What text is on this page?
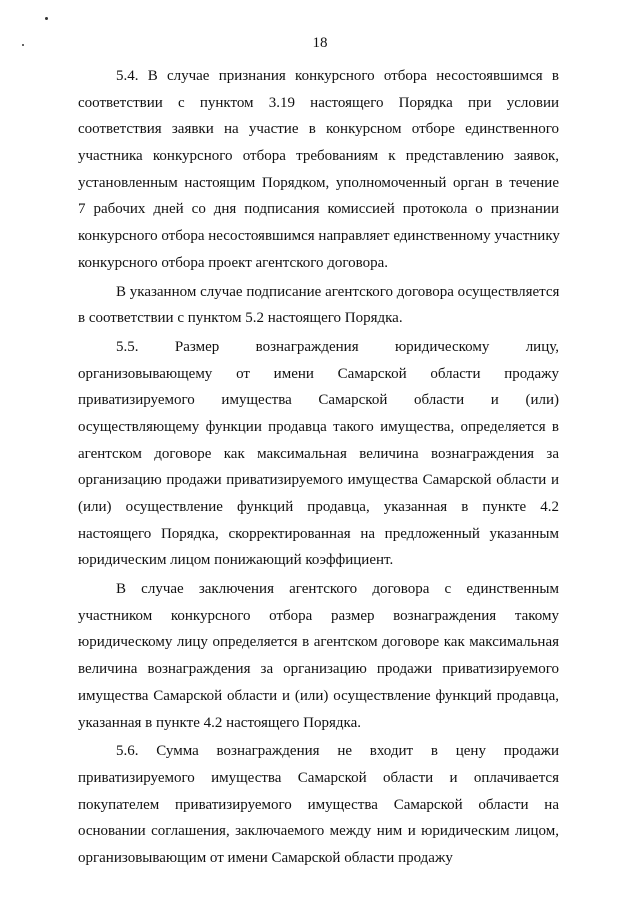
18
5.4. В случае признания конкурсного отбора несостоявшимся в
соответствии с пунктом 3.19 настоящего Порядка при условии
соответствия заявки на участие в конкурсном отборе единственного
участника конкурсного отбора требованиям к представлению заявок,
установленным настоящим Порядком, уполномоченный орган в течение
7 рабочих дней со дня подписания комиссией протокола о признании
конкурсного отбора несостоявшимся направляет единственному участнику
конкурсного отбора проект агентского договора.
В указанном случае подписание агентского договора осуществляется
в соответствии с пунктом 5.2 настоящего Порядка.
5.5. Размер вознаграждения юридическому лицу,
организовывающему от имени Самарской области продажу
приватизируемого имущества Самарской области и (или)
осуществляющему функции продавца такого имущества, определяется в
агентском договоре как максимальная величина вознаграждения за
организацию продажи приватизируемого имущества Самарской области и
(или) осуществление функций продавца, указанная в пункте 4.2
настоящего Порядка, скорректированная на предложенный указанным
юридическим лицом понижающий коэффициент.
В случае заключения агентского договора с единственным
участником конкурсного отбора размер вознаграждения такому
юридическому лицу определяется в агентском договоре как максимальная
величина вознаграждения за организацию продажи приватизируемого
имущества Самарской области и (или) осуществление функций продавца,
указанная в пункте 4.2 настоящего Порядка.
5.6. Сумма вознаграждения не входит в цену продажи
приватизируемого имущества Самарской области и оплачивается
покупателем приватизируемого имущества Самарской области на
основании соглашения, заключаемого между ним и юридическим лицом,
организовывающим от имени Самарской области продажу
